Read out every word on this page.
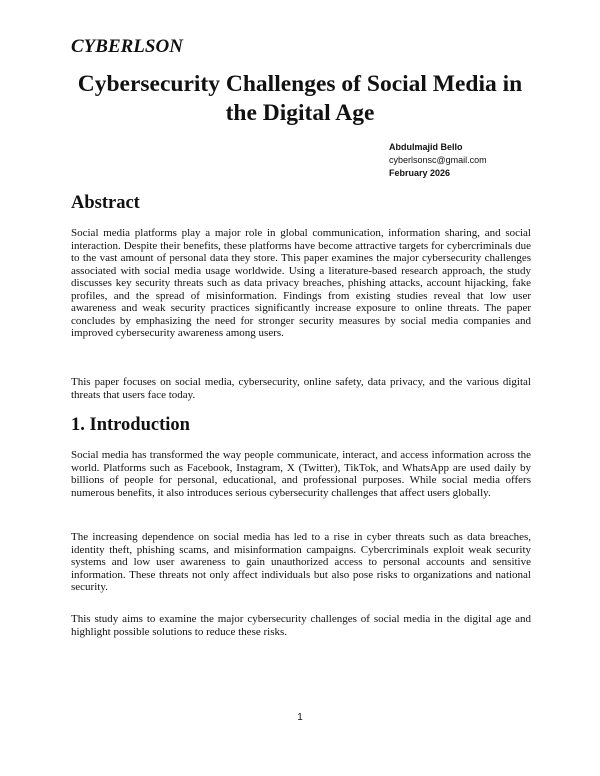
CYBERLSON
Cybersecurity Challenges of Social Media in the Digital Age
Abdulmajid Bello
cyberlsonsc@gmail.com
February 2026
Abstract

Social media platforms play a major role in global communication, information sharing, and social interaction. Despite their benefits, these platforms have become attractive targets for cybercriminals due to the vast amount of personal data they store. This paper examines the major cybersecurity challenges associated with social media usage worldwide. Using a literature-based research approach, the study discusses key security threats such as data privacy breaches, phishing attacks, account hijacking, fake profiles, and the spread of misinformation. Findings from existing studies reveal that low user awareness and weak security practices significantly increase exposure to online threats. The paper concludes by emphasizing the need for stronger security measures by social media companies and improved cybersecurity awareness among users.

This paper focuses on social media, cybersecurity, online safety, data privacy, and the various digital threats that users face today.

1. Introduction

Social media has transformed the way people communicate, interact, and access information across the world. Platforms such as Facebook, Instagram, X (Twitter), TikTok, and WhatsApp are used daily by billions of people for personal, educational, and professional purposes. While social media offers numerous benefits, it also introduces serious cybersecurity challenges that affect users globally.

The increasing dependence on social media has led to a rise in cyber threats such as data breaches, identity theft, phishing scams, and misinformation campaigns. Cybercriminals exploit weak security systems and low user awareness to gain unauthorized access to personal accounts and sensitive information. These threats not only affect individuals but also pose risks to organizations and national security.

This study aims to examine the major cybersecurity challenges of social media in the digital age and highlight possible solutions to reduce these risks.

1
